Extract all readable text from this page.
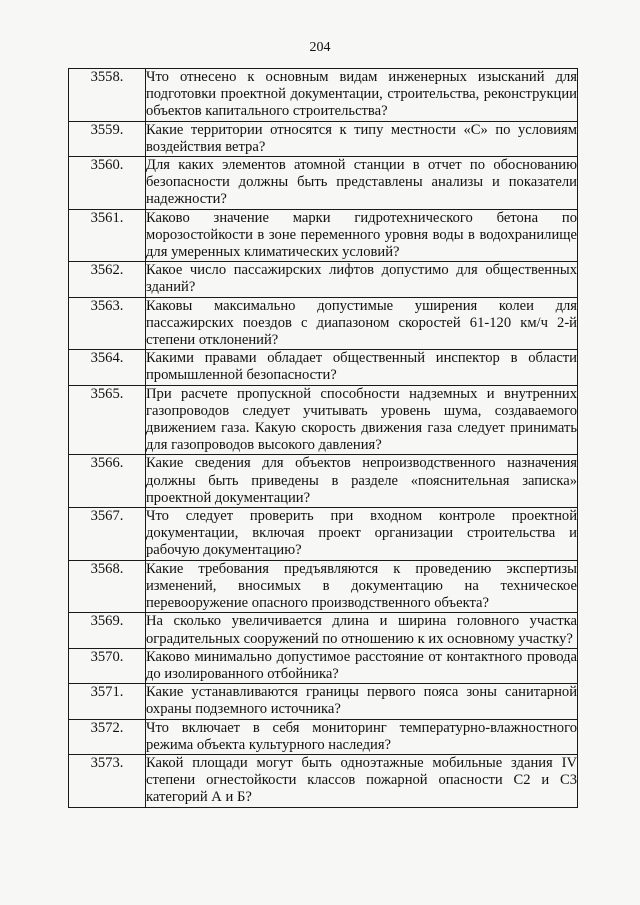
204
3558.	Что отнесено к основным видам инженерных изысканий для подготовки проектной документации, строительства, реконструкции объектов капитального строительства?
3559.	Какие территории относятся к типу местности «С» по условиям воздействия ветра?
3560.	Для каких элементов атомной станции в отчет по обоснованию безопасности должны быть представлены анализы и показатели надежности?
3561.	Каково значение марки гидротехнического бетона по морозостойкости в зоне переменного уровня воды в водохранилище для умеренных климатических условий?
3562.	Какое число пассажирских лифтов допустимо для общественных зданий?
3563.	Каковы максимально допустимые уширения колеи для пассажирских поездов с диапазоном скоростей 61-120 км/ч 2-й степени отклонений?
3564.	Какими правами обладает общественный инспектор в области промышленной безопасности?
3565.	При расчете пропускной способности надземных и внутренних газопроводов следует учитывать уровень шума, создаваемого движением газа. Какую скорость движения газа следует принимать для газопроводов высокого давления?
3566.	Какие сведения для объектов непроизводственного назначения должны быть приведены в разделе «пояснительная записка» проектной документации?
3567.	Что следует проверить при входном контроле проектной документации, включая проект организации строительства и рабочую документацию?
3568.	Какие требования предъявляются к проведению экспертизы изменений, вносимых в документацию на техническое перевооружение опасного производственного объекта?
3569.	На сколько увеличивается длина и ширина головного участка оградительных сооружений по отношению к их основному участку?
3570.	Каково минимально допустимое расстояние от контактного провода до изолированного отбойника?
3571.	Какие устанавливаются границы первого пояса зоны санитарной охраны подземного источника?
3572.	Что включает в себя мониторинг температурно-влажностного режима объекта культурного наследия?
3573.	Какой площади могут быть одноэтажные мобильные здания IV степени огнестойкости классов пожарной опасности С2 и С3 категорий А и Б?
